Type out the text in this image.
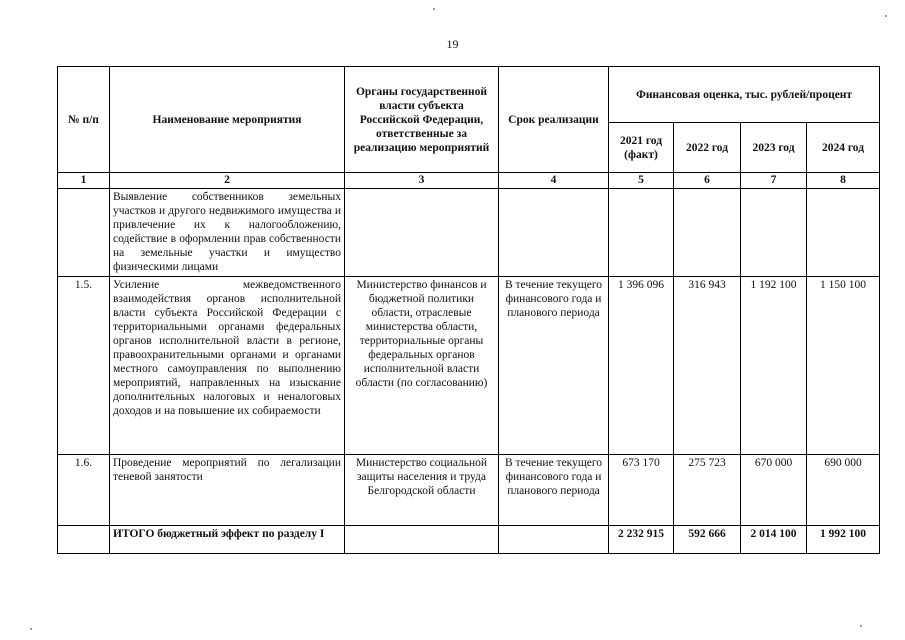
19
№ п/п	Наименование мероприятия	Органы государственной власти субъекта Российской Федерации, ответственные за реализацию мероприятий	Срок реализации	Финансовая оценка, тыс. рублей/процент			
				2021 год (факт)	2022 год	2023 год	2024 год
1	2	3	4	5	6	7	8
	Выявление собственников земельных участков и другого недвижимого имущества и привлечение их к налогообложению, содействие в оформлении прав собственности на земельные участки и имущество физическими лицами						
1.5.	Усиление межведомственного взаимодействия органов исполнительной власти субъекта Российской Федерации с территориальными органами федеральных органов исполнительной власти в регионе, правоохранительными органами и органами местного самоуправления по выполнению мероприятий, направленных на изыскание дополнительных налоговых и неналоговых доходов и на повышение их собираемости	Министерство финансов и бюджетной политики области, отраслевые министерства области, территориальные органы федеральных органов исполнительной власти области (по согласованию)	В течение текущего финансового года и планового периода	1 396 096	316 943	1 192 100	1 150 100
1.6.	Проведение мероприятий по легализации теневой занятости	Министерство социальной защиты населения и труда Белгородской области	В течение текущего финансового года и планового периода	673 170	275 723	670 000	690 000
	ИТОГО бюджетный эффект по разделу I			2 232 915	592 666	2 014 100	1 992 100
